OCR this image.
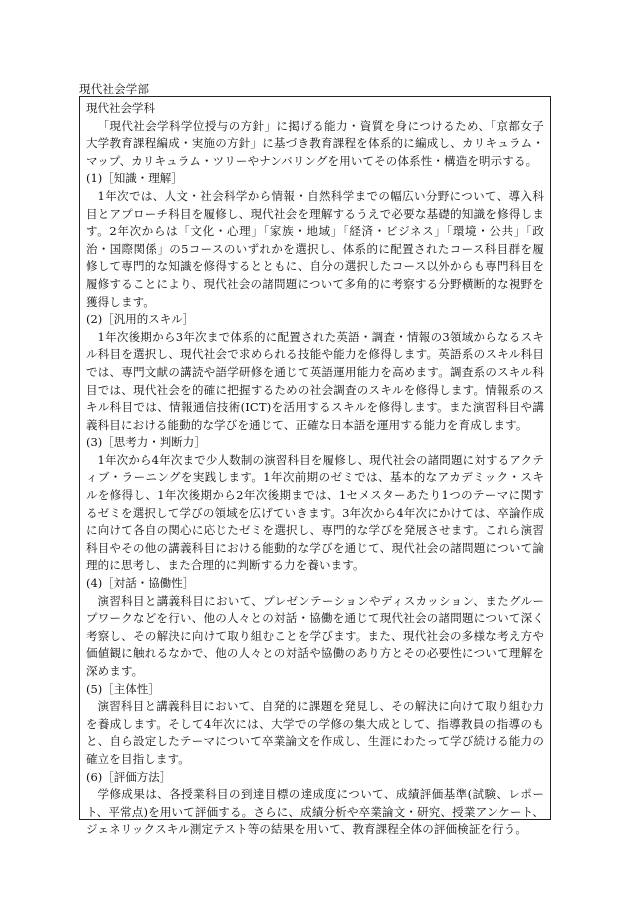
現代社会学部

現代社会学科

「現代社会学科学位授与の方針」に掲げる能力・資質を身につけるため、「京都女子大学教育課程編成・実施の方針」に基づき教育課程を体系的に編成し、カリキュラム・マップ、カリキュラム・ツリーやナンバリングを用いてその体系性・構造を明示する。

(1)［知識・理解］

1年次では、人文・社会科学から情報・自然科学までの幅広い分野について、導入科目とアプローチ科目を履修し、現代社会を理解するうえで必要な基礎的知識を修得します。2年次からは「文化・心理」「家族・地域」「経済・ビジネス」「環境・公共」「政治・国際関係」の5コースのいずれかを選択し、体系的に配置されたコース科目群を履修して専門的な知識を修得するとともに、自分の選択したコース以外からも専門科目を履修することにより、現代社会の諸問題について多角的に考察する分野横断的な視野を獲得します。

(2)［汎用的スキル］

1年次後期から3年次まで体系的に配置された英語・調査・情報の3領域からなるスキル科目を選択し、現代社会で求められる技能や能力を修得します。英語系のスキル科目では、専門文献の講読や語学研修を通じて英語運用能力を高めます。調査系のスキル科目では、現代社会を的確に把握するための社会調査のスキルを修得します。情報系のスキル科目では、情報通信技術(ICT)を活用するスキルを修得します。また演習科目や講義科目における能動的な学びを通じて、正確な日本語を運用する能力を育成します。

(3)［思考力・判断力］

1年次から4年次まで少人数制の演習科目を履修し、現代社会の諸問題に対するアクティブ・ラーニングを実践します。1年次前期のゼミでは、基本的なアカデミック・スキルを修得し、1年次後期から2年次後期までは、1セメスターあたり1つのテーマに関するゼミを選択して学びの領域を広げていきます。3年次から4年次にかけては、卒論作成に向けて各自の関心に応じたゼミを選択し、専門的な学びを発展させます。これら演習科目やその他の講義科目における能動的な学びを通じて、現代社会の諸問題について論理的に思考し、また合理的に判断する力を養います。

(4)［対話・協働性］

演習科目と講義科目において、プレゼンテーションやディスカッション、またグループワークなどを行い、他の人々との対話・協働を通じて現代社会の諸問題について深く考察し、その解決に向けて取り組むことを学びます。また、現代社会の多様な考え方や価値観に触れるなかで、他の人々との対話や協働のあり方とその必要性について理解を深めます。

(5)［主体性］

演習科目と講義科目において、自発的に課題を発見し、その解決に向けて取り組む力を養成します。そして4年次には、大学での学修の集大成として、指導教員の指導のもと、自ら設定したテーマについて卒業論文を作成し、生涯にわたって学び続ける能力の確立を目指します。

(6)［評価方法］

学修成果は、各授業科目の到達目標の達成度について、成績評価基準(試験、レポート、平常点)を用いて評価する。さらに、成績分析や卒業論文・研究、授業アンケート、ジェネリックスキル測定テスト等の結果を用いて、教育課程全体の評価検証を行う。
